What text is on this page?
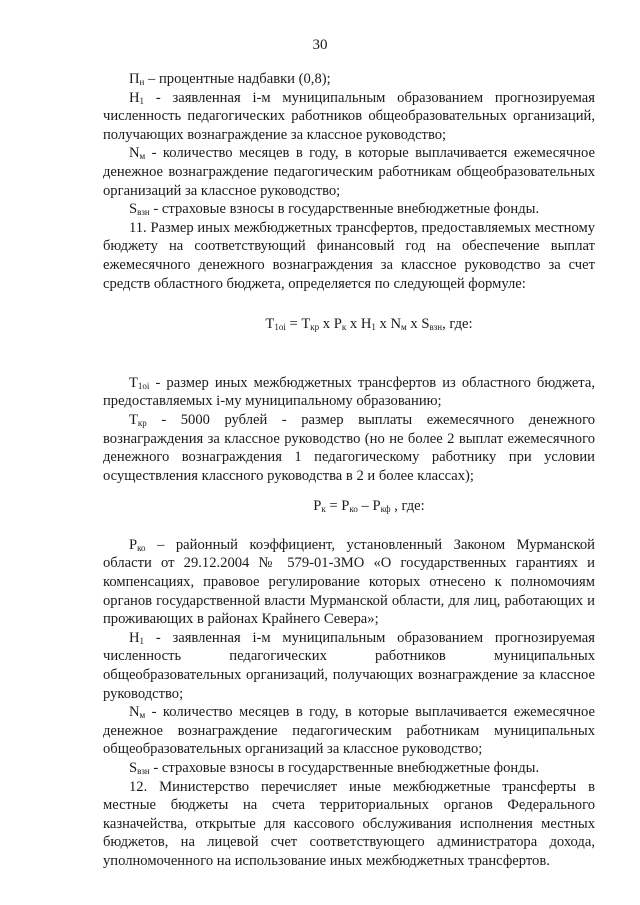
30

$П_н$ – процентные надбавки (0,8);

$Н_1$ - заявленная i-м муниципальным образованием прогнозируемая численность педагогических работников общеобразовательных организаций, получающих вознаграждение за классное руководство;

$N_м$ - количество месяцев в году, в которые выплачивается ежемесячное денежное вознаграждение педагогическим работникам общеобразовательных организаций за классное руководство;

$S_{взн}$ - страховые взносы в государственные внебюджетные фонды.

11. Размер иных межбюджетных трансфертов, предоставляемых местному бюджету на соответствующий финансовый год на обеспечение выплат ежемесячного денежного вознаграждения за классное руководство за счет средств областного бюджета, определяется по следующей формуле:

$Т_{1oi} = Т_{кр}$ х $Р_к$ х $Н_1$ х $N_м$ х $S_{взн}$, где:

$Т_{1oi}$ - размер иных межбюджетных трансфертов из областного бюджета, предоставляемых i-му муниципальному образованию;

$Т_{кр} - 5000$ рублей - размер выплаты ежемесячного денежного вознаграждения за классное руководство (но не более 2 выплат ежемесячного денежного вознаграждения 1 педагогическому работнику при условии осуществления классного руководства в 2 и более классах);

$Р_к = Р_{ко} - Р_{кф}$ , где:

$Р_{ко}$ – районный коэффициент, установленный Законом Мурманской области от 29.12.2004 № 579-01-ЗМО «О государственных гарантиях и компенсациях, правовое регулирование которых отнесено к полномочиям органов государственной власти Мурманской области, для лиц, работающих и проживающих в районах Крайнего Севера»;

$Н_1$ - заявленная i-м муниципальным образованием прогнозируемая численность педагогических работников муниципальных общеобразовательных организаций, получающих вознаграждение за классное руководство;

$N_м$ - количество месяцев в году, в которые выплачивается ежемесячное денежное вознаграждение педагогическим работникам муниципальных общеобразовательных организаций за классное руководство;

$S_{взн}$ - страховые взносы в государственные внебюджетные фонды.

12. Министерство перечисляет иные межбюджетные трансферты в местные бюджеты на счета территориальных органов Федерального казначейства, открытые для кассового обслуживания исполнения местных бюджетов, на лицевой счет соответствующего администратора дохода, уполномоченного на использование иных межбюджетных трансфертов.
